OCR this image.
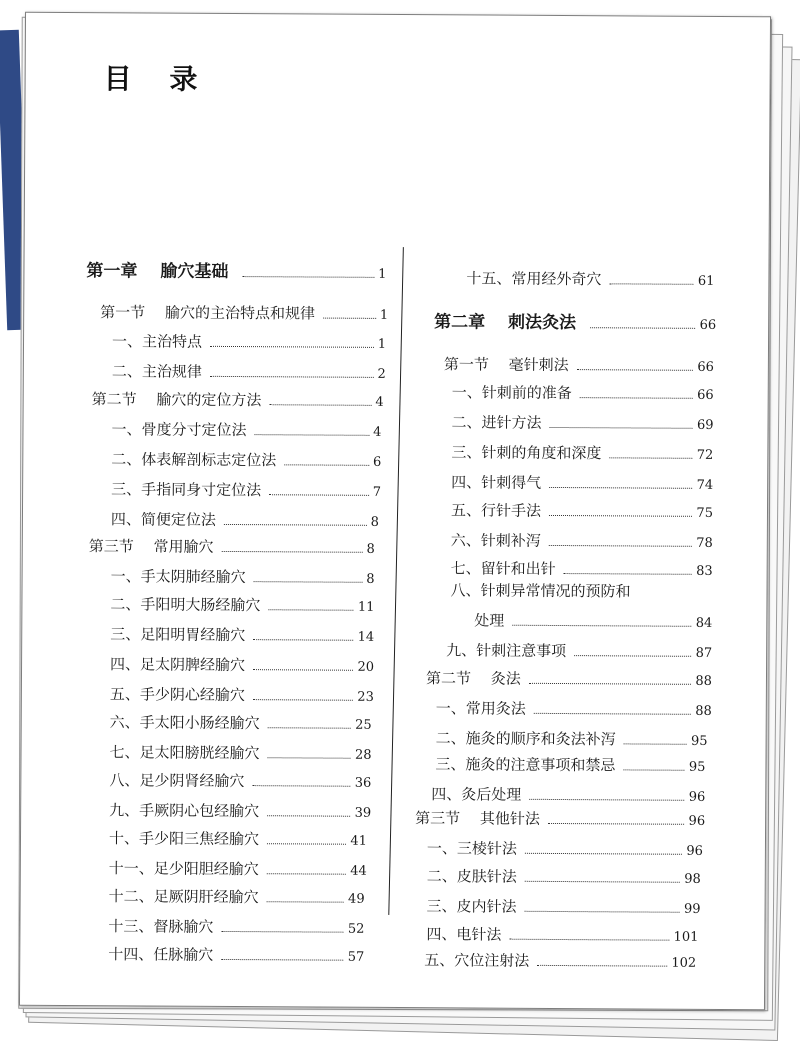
目 录
第一章　 腧穴基础	1
第一节　 腧穴的主治特点和规律	1
一、主治特点	1
二、主治规律	2
第二节　 腧穴的定位方法	4
一、骨度分寸定位法	4
二、体表解剖标志定位法	6
三、手指同身寸定位法	7
四、简便定位法	8
第三节　 常用腧穴	8
一、手太阴肺经腧穴	8
二、手阳明大肠经腧穴	11
三、足阳明胃经腧穴	14
四、足太阴脾经腧穴	20
五、手少阴心经腧穴	23
六、手太阳小肠经腧穴	25
七、足太阳膀胱经腧穴	28
八、足少阴肾经腧穴	36
九、手厥阴心包经腧穴	39
十、手少阳三焦经腧穴	41
十一、足少阳胆经腧穴	44
十二、足厥阴肝经腧穴	49
十三、督脉腧穴	52
十四、任脉腧穴	57
十五、常用经外奇穴	61
第二章　 刺法灸法	66
第一节　 毫针刺法	66
一、针刺前的准备	66
二、进针方法	69
三、针刺的角度和深度	72
四、针刺得气	74
五、行针手法	75
六、针刺补泻	78
七、留针和出针	83
八、针刺异常情况的预防和
处理	84
九、针刺注意事项	87
第二节　 灸法	88
一、常用灸法	88
二、施灸的顺序和灸法补泻	95
三、施灸的注意事项和禁忌	95
四、灸后处理	96
第三节　 其他针法	96
一、三棱针法	96
二、皮肤针法	98
三、皮内针法	99
四、电针法	101
五、穴位注射法	102
